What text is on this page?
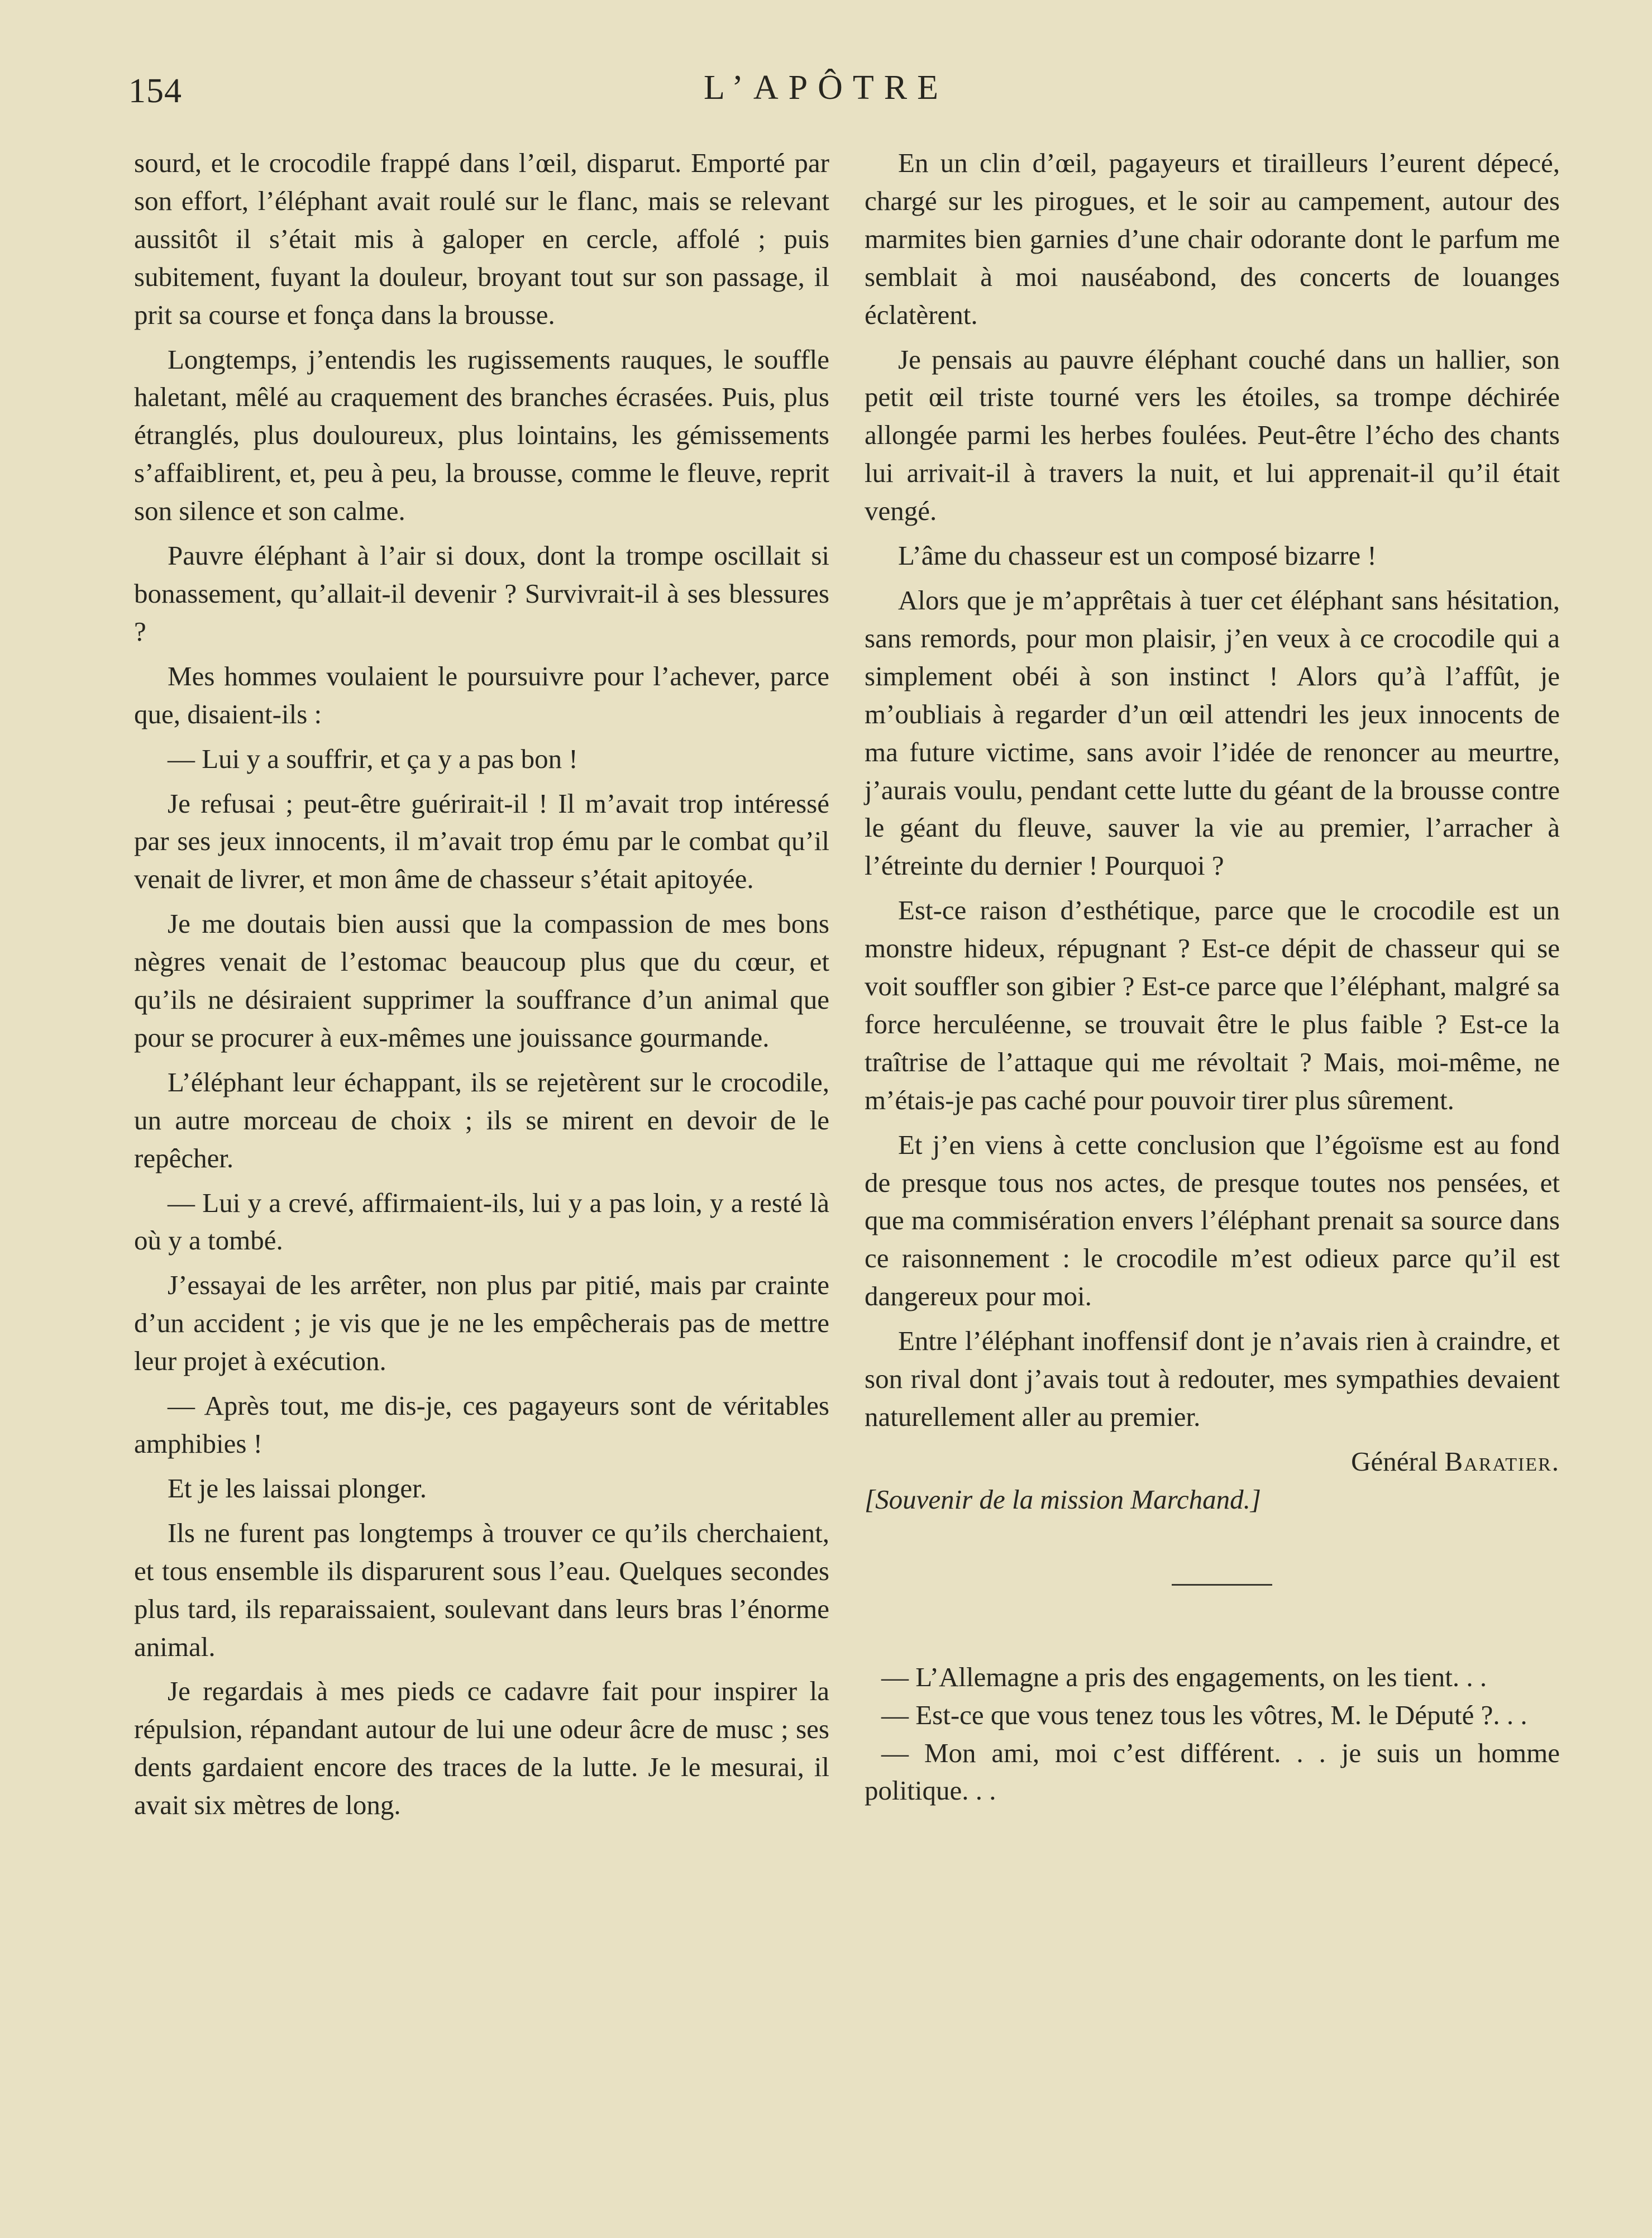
154	L’APÔTRE

sourd, et le crocodile frappé dans l’œil, disparut. Emporté par son effort, l’éléphant avait roulé sur le flanc, mais se relevant aussitôt il s’était mis à galoper en cercle, affolé ; puis subitement, fuyant la douleur, broyant tout sur son passage, il prit sa course et fonça dans la brousse.

Longtemps, j’entendis les rugissements rauques, le souffle haletant, mêlé au craquement des branches écrasées. Puis, plus étranglés, plus douloureux, plus lointains, les gémissements s’affaiblirent, et, peu à peu, la brousse, comme le fleuve, reprit son silence et son calme.

Pauvre éléphant à l’air si doux, dont la trompe oscillait si bonassement, qu’allait-il devenir ? Survivrait-il à ses blessures ?

Mes hommes voulaient le poursuivre pour l’achever, parce que, disaient-ils :

— Lui y a souffrir, et ça y a pas bon !

Je refusai ; peut-être guérirait-il ! Il m’avait trop intéressé par ses jeux innocents, il m’avait trop ému par le combat qu’il venait de livrer, et mon âme de chasseur s’était apitoyée.

Je me doutais bien aussi que la compassion de mes bons nègres venait de l’estomac beaucoup plus que du cœur, et qu’ils ne désiraient supprimer la souffrance d’un animal que pour se procurer à eux-mêmes une jouissance gourmande.

L’éléphant leur échappant, ils se rejetèrent sur le crocodile, un autre morceau de choix ; ils se mirent en devoir de le repêcher.

— Lui y a crevé, affirmaient-ils, lui y a pas loin, y a resté là où y a tombé.

J’essayai de les arrêter, non plus par pitié, mais par crainte d’un accident ; je vis que je ne les empêcherais pas de mettre leur projet à exécution.

— Après tout, me dis-je, ces pagayeurs sont de véritables amphibies !

Et je les laissai plonger.

Ils ne furent pas longtemps à trouver ce qu’ils cherchaient, et tous ensemble ils disparurent sous l’eau. Quelques secondes plus tard, ils reparaissaient, soulevant dans leurs bras l’énorme animal.

Je regardais à mes pieds ce cadavre fait pour inspirer la répulsion, répandant autour de lui une odeur âcre de musc ; ses dents gardaient encore des traces de la lutte. Je le mesurai, il avait six mètres de long.

En un clin d’œil, pagayeurs et tirailleurs l’eurent dépecé, chargé sur les pirogues, et le soir au campement, autour des marmites bien garnies d’une chair odorante dont le parfum me semblait à moi nauséabond, des concerts de louanges éclatèrent.

Je pensais au pauvre éléphant couché dans un hallier, son petit œil triste tourné vers les étoiles, sa trompe déchirée allongée parmi les herbes foulées. Peut-être l’écho des chants lui arrivait-il à travers la nuit, et lui apprenait-il qu’il était vengé.

L’âme du chasseur est un composé bizarre !

Alors que je m’apprêtais à tuer cet éléphant sans hésitation, sans remords, pour mon plaisir, j’en veux à ce crocodile qui a simplement obéi à son instinct ! Alors qu’à l’affût, je m’oubliais à regarder d’un œil attendri les jeux innocents de ma future victime, sans avoir l’idée de renoncer au meurtre, j’aurais voulu, pendant cette lutte du géant de la brousse contre le géant du fleuve, sauver la vie au premier, l’arracher à l’étreinte du dernier ! Pourquoi ?

Est-ce raison d’esthétique, parce que le crocodile est un monstre hideux, répugnant ? Est-ce dépit de chasseur qui se voit souffler son gibier ? Est-ce parce que l’éléphant, malgré sa force herculéenne, se trouvait être le plus faible ? Est-ce la traîtrise de l’attaque qui me révoltait ? Mais, moi-même, ne m’étais-je pas caché pour pouvoir tirer plus sûrement.

Et j’en viens à cette conclusion que l’égoïsme est au fond de presque tous nos actes, de presque toutes nos pensées, et que ma commisération envers l’éléphant prenait sa source dans ce raisonnement : le crocodile m’est odieux parce qu’il est dangereux pour moi.

Entre l’éléphant inoffensif dont je n’avais rien à craindre, et son rival dont j’avais tout à redouter, mes sympathies devaient naturellement aller au premier.

Général Baratier.

[Souvenir de la mission Marchand.]

— L’Allemagne a pris des engagements, on les tient. . .

— Est-ce que vous tenez tous les vôtres, M. le Député ?. . .

— Mon ami, moi c’est différent. . . je suis un homme politique. . .
